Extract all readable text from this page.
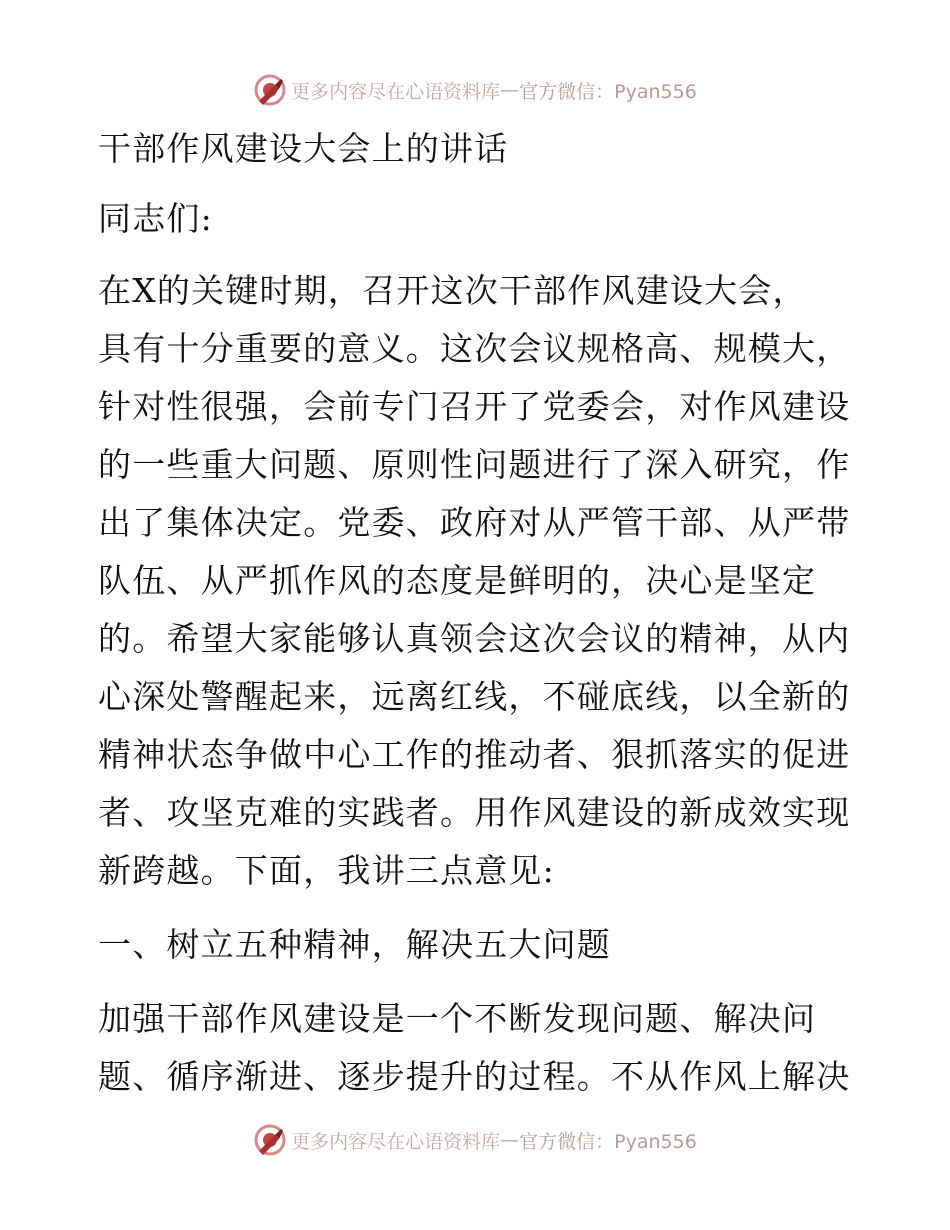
更多内容尽在心语资料库 — 官方微信：Pyan556

干部作风建设大会上的讲话

同志们:

在X的关键时期，召开这次干部作风建设大会，

具有十分重要的意义。这次会议规格高、规模大，

针对性很强，会前专门召开了党委会，对作风建设

的一些重大问题、原则性问题进行了深入研究，作

出了集体决定。党委、政府对从严管干部、从严带

队伍、从严抓作风的态度是鲜明的，决心是坚定

的。希望大家能够认真领会这次会议的精神，从内

心深处警醒起来，远离红线，不碰底线，以全新的

精神状态争做中心工作的推动者、狠抓落实的促进

者、攻坚克难的实践者。用作风建设的新成效实现

新跨越。下面，我讲三点意见:

一、树立五种精神，解决五大问题

加强干部作风建设是一个不断发现问题、解决问

题、循序渐进、逐步提升的过程。不从作风上解决

更多内容尽在心语资料库 — 官方微信：Pyan556
